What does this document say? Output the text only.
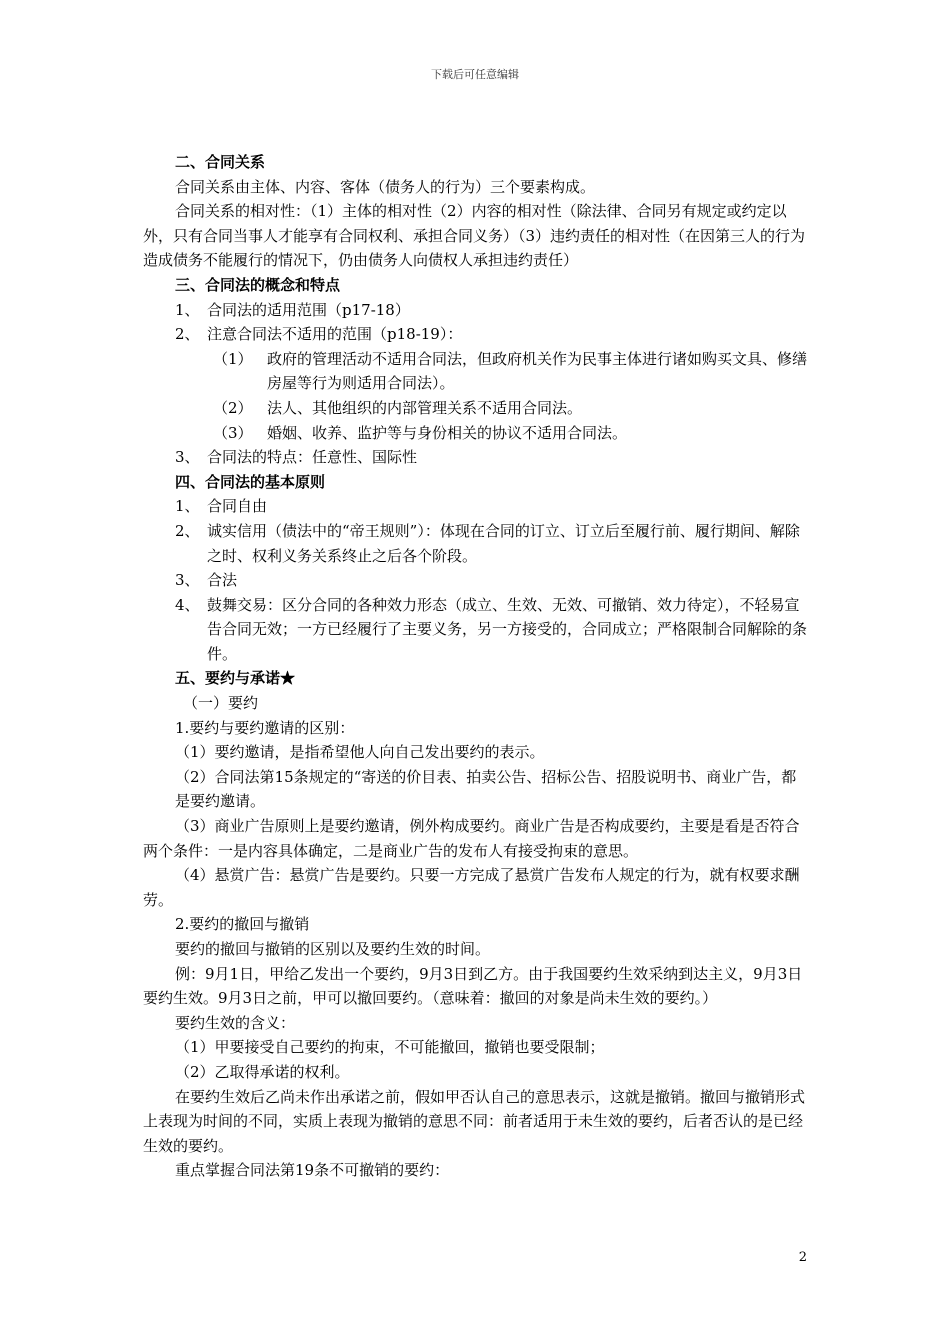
下载后可任意编辑

二、合同关系

合同关系由主体、内容、客体（债务人的行为）三个要素构成。

合同关系的相对性：（1）主体的相对性（2）内容的相对性（除法律、合同另有规定或约定以外，只有合同当事人才能享有合同权利、承担合同义务）（3）违约责任的相对性（在因第三人的行为造成债务不能履行的情况下，仍由债务人向债权人承担违约责任）

三、合同法的概念和特点

1、 合同法的适用范围（p17-18）
2、 注意合同法不适用的范围（p18-19）：
（1） 政府的管理活动不适用合同法，但政府机关作为民事主体进行诸如购买文具、修缮房屋等行为则适用合同法）。
（2） 法人、其他组织的内部管理关系不适用合同法。
（3） 婚姻、收养、监护等与身份相关的协议不适用合同法。
3、 合同法的特点：任意性、国际性

四、合同法的基本原则

1、 合同自由
2、 诚实信用（债法中的“帝王规则”）：体现在合同的订立、订立后至履行前、履行期间、解除之时、权利义务关系终止之后各个阶段。
3、 合法
4、 鼓舞交易：区分合同的各种效力形态（成立、生效、无效、可撤销、效力待定），不轻易宣告合同无效；一方已经履行了主要义务，另一方接受的，合同成立；严格限制合同解除的条件。

五、要约与承诺★

（一）要约

1.要约与要约邀请的区别：

（1）要约邀请，是指希望他人向自己发出要约的表示。

（2）合同法第15条规定的“寄送的价目表、拍卖公告、招标公告、招股说明书、商业广告，都是要约邀请。

（3）商业广告原则上是要约邀请，例外构成要约。商业广告是否构成要约，主要是看是否符合两个条件：一是内容具体确定，二是商业广告的发布人有接受拘束的意思。

（4）悬赏广告：悬赏广告是要约。只要一方完成了悬赏广告发布人规定的行为，就有权要求酬劳。

2.要约的撤回与撤销

要约的撤回与撤销的区别以及要约生效的时间。

例：9月1日，甲给乙发出一个要约，9月3日到乙方。由于我国要约生效采纳到达主义，9月3日要约生效。9月3日之前，甲可以撤回要约。（意味着：撤回的对象是尚未生效的要约。）

要约生效的含义：

（1）甲要接受自己要约的拘束，不可能撤回，撤销也要受限制；

（2）乙取得承诺的权利。

在要约生效后乙尚未作出承诺之前，假如甲否认自己的意思表示，这就是撤销。撤回与撤销形式上表现为时间的不同，实质上表现为撤销的意思不同：前者适用于未生效的要约，后者否认的是已经生效的要约。

重点掌握合同法第19条不可撤销的要约：

2
